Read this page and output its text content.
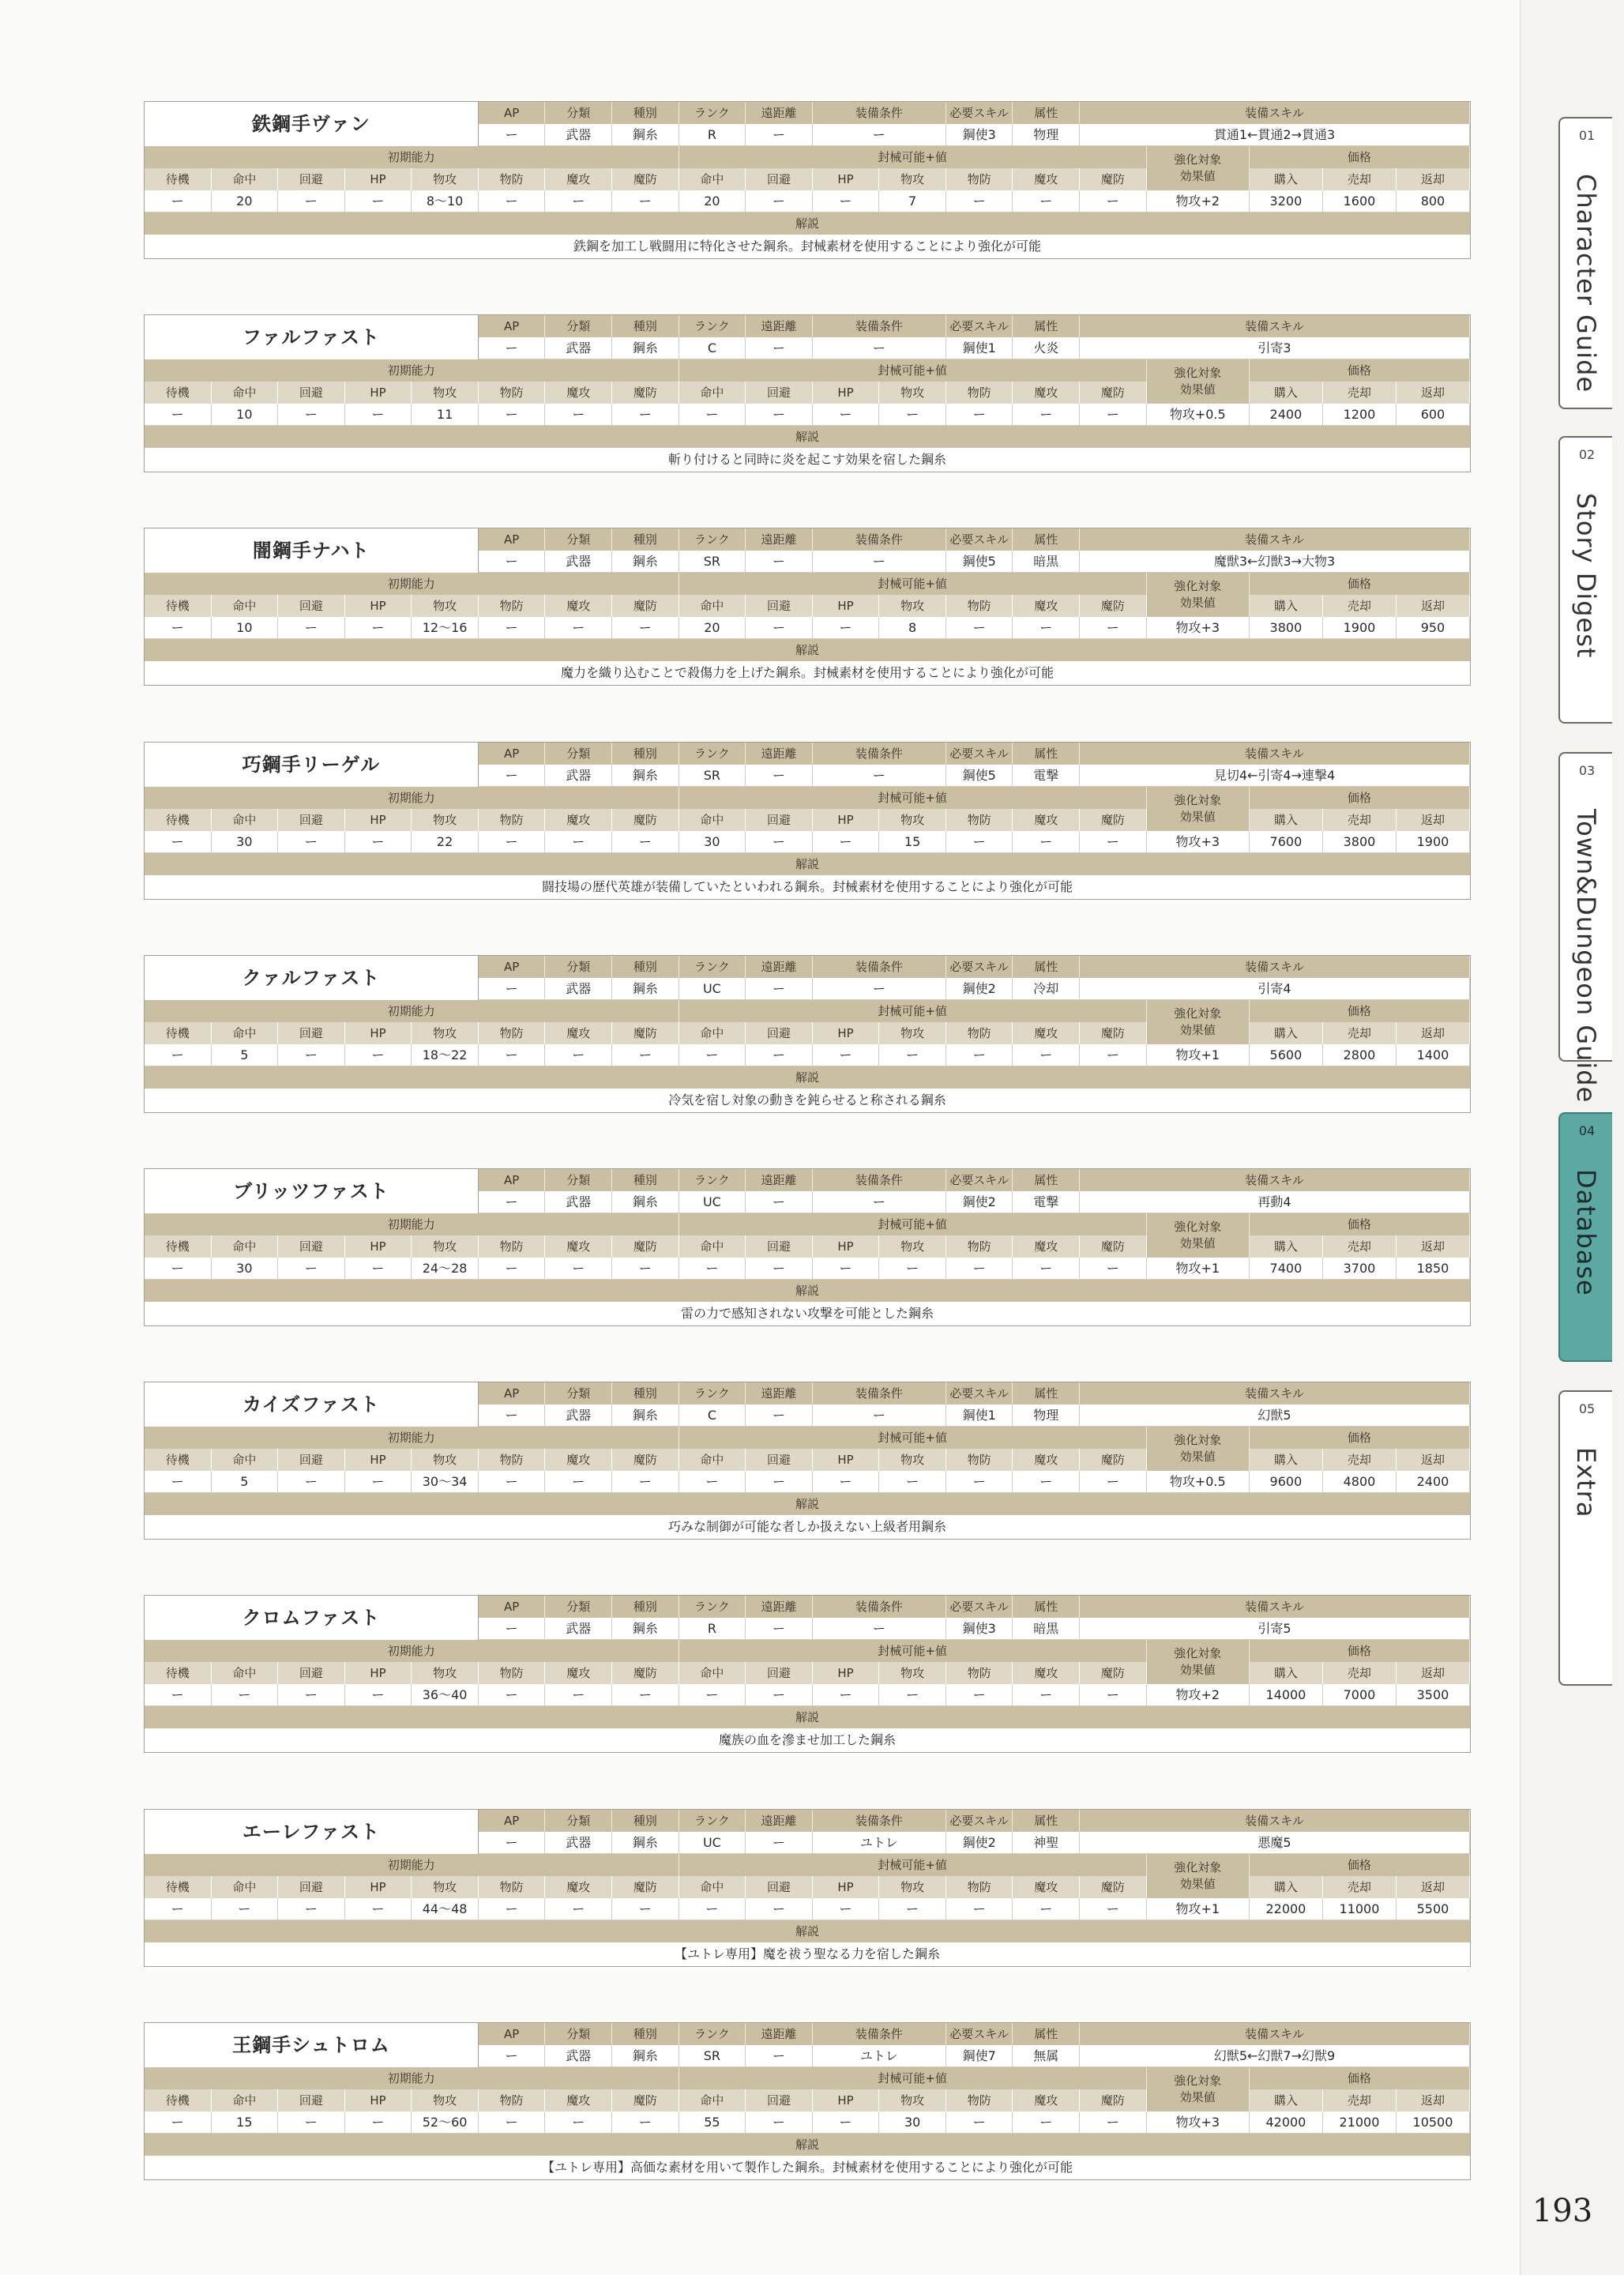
鉄鋼手ヴァン	AP	分類	種別	ランク	遠距離	装備条件	必要スキル	属性	装備スキル
ー	武器	鋼糸	R	ー	ー	鋼使3	物理	貫通1←貫通2→貫通3
初期能力	封械可能+値	強化対象
効果値
価格
待機	命中	回避	HP	物攻	物防	魔攻	魔防	命中	回避	HP	物攻	物防	魔攻	魔防	購入	売却	返却
ー	20	ー	ー	8～10	ー	ー	ー	20	ー	ー	7	ー	ー	ー	物攻+2	3200	1600	800
解説
鉄鋼を加工し戦闘用に特化させた鋼糸。封械素材を使用することにより強化が可能
ファルファスト	AP	分類	種別	ランク	遠距離	装備条件	必要スキル	属性	装備スキル
ー	武器	鋼糸	C	ー	ー	鋼使1	火炎	引寄3
初期能力	封械可能+値	強化対象
効果値
価格
待機	命中	回避	HP	物攻	物防	魔攻	魔防	命中	回避	HP	物攻	物防	魔攻	魔防	購入	売却	返却
ー	10	ー	ー	11	ー	ー	ー	ー	ー	ー	ー	ー	ー	ー	物攻+0.5	2400	1200	600
解説
斬り付けると同時に炎を起こす効果を宿した鋼糸
闇鋼手ナハト	AP	分類	種別	ランク	遠距離	装備条件	必要スキル	属性	装備スキル
ー	武器	鋼糸	SR	ー	ー	鋼使5	暗黒	魔獣3←幻獣3→大物3
初期能力	封械可能+値	強化対象
効果値
価格
待機	命中	回避	HP	物攻	物防	魔攻	魔防	命中	回避	HP	物攻	物防	魔攻	魔防	購入	売却	返却
ー	10	ー	ー	12～16	ー	ー	ー	20	ー	ー	8	ー	ー	ー	物攻+3	3800	1900	950
解説
魔力を織り込むことで殺傷力を上げた鋼糸。封械素材を使用することにより強化が可能
巧鋼手リーゲル	AP	分類	種別	ランク	遠距離	装備条件	必要スキル	属性	装備スキル
ー	武器	鋼糸	SR	ー	ー	鋼使5	電撃	見切4←引寄4→連撃4
初期能力	封械可能+値	強化対象
効果値
価格
待機	命中	回避	HP	物攻	物防	魔攻	魔防	命中	回避	HP	物攻	物防	魔攻	魔防	購入	売却	返却
ー	30	ー	ー	22	ー	ー	ー	30	ー	ー	15	ー	ー	ー	物攻+3	7600	3800	1900
解説
闘技場の歴代英雄が装備していたといわれる鋼糸。封械素材を使用することにより強化が可能
クァルファスト	AP	分類	種別	ランク	遠距離	装備条件	必要スキル	属性	装備スキル
ー	武器	鋼糸	UC	ー	ー	鋼使2	冷却	引寄4
初期能力	封械可能+値	強化対象
効果値
価格
待機	命中	回避	HP	物攻	物防	魔攻	魔防	命中	回避	HP	物攻	物防	魔攻	魔防	購入	売却	返却
ー	5	ー	ー	18～22	ー	ー	ー	ー	ー	ー	ー	ー	ー	ー	物攻+1	5600	2800	1400
解説
冷気を宿し対象の動きを鈍らせると称される鋼糸
ブリッツファスト	AP	分類	種別	ランク	遠距離	装備条件	必要スキル	属性	装備スキル
ー	武器	鋼糸	UC	ー	ー	鋼使2	電撃	再動4
初期能力	封械可能+値	強化対象
効果値
価格
待機	命中	回避	HP	物攻	物防	魔攻	魔防	命中	回避	HP	物攻	物防	魔攻	魔防	購入	売却	返却
ー	30	ー	ー	24～28	ー	ー	ー	ー	ー	ー	ー	ー	ー	ー	物攻+1	7400	3700	1850
解説
雷の力で感知されない攻撃を可能とした鋼糸
カイズファスト	AP	分類	種別	ランク	遠距離	装備条件	必要スキル	属性	装備スキル
ー	武器	鋼糸	C	ー	ー	鋼使1	物理	幻獣5
初期能力	封械可能+値	強化対象
効果値
価格
待機	命中	回避	HP	物攻	物防	魔攻	魔防	命中	回避	HP	物攻	物防	魔攻	魔防	購入	売却	返却
ー	5	ー	ー	30～34	ー	ー	ー	ー	ー	ー	ー	ー	ー	ー	物攻+0.5	9600	4800	2400
解説
巧みな制御が可能な者しか扱えない上級者用鋼糸
クロムファスト	AP	分類	種別	ランク	遠距離	装備条件	必要スキル	属性	装備スキル
ー	武器	鋼糸	R	ー	ー	鋼使3	暗黒	引寄5
初期能力	封械可能+値	強化対象
効果値
価格
待機	命中	回避	HP	物攻	物防	魔攻	魔防	命中	回避	HP	物攻	物防	魔攻	魔防	購入	売却	返却
ー	ー	ー	ー	36～40	ー	ー	ー	ー	ー	ー	ー	ー	ー	ー	物攻+2	14000	7000	3500
解説
魔族の血を滲ませ加工した鋼糸
エーレファスト	AP	分類	種別	ランク	遠距離	装備条件	必要スキル	属性	装備スキル
ー	武器	鋼糸	UC	ー	ユトレ	鋼使2	神聖	悪魔5
初期能力	封械可能+値	強化対象
効果値
価格
待機	命中	回避	HP	物攻	物防	魔攻	魔防	命中	回避	HP	物攻	物防	魔攻	魔防	購入	売却	返却
ー	ー	ー	ー	44～48	ー	ー	ー	ー	ー	ー	ー	ー	ー	ー	物攻+1	22000	11000	5500
解説
【ユトレ専用】魔を祓う聖なる力を宿した鋼糸
王鋼手シュトロム	AP	分類	種別	ランク	遠距離	装備条件	必要スキル	属性	装備スキル
ー	武器	鋼糸	SR	ー	ユトレ	鋼使7	無属	幻獣5←幻獣7→幻獣9
初期能力	封械可能+値	強化対象
効果値
価格
待機	命中	回避	HP	物攻	物防	魔攻	魔防	命中	回避	HP	物攻	物防	魔攻	魔防	購入	売却	返却
ー	15	ー	ー	52～60	ー	ー	ー	55	ー	ー	30	ー	ー	ー	物攻+3	42000	21000	10500
解説
【ユトレ専用】高価な素材を用いて製作した鋼糸。封械素材を使用することにより強化が可能
01
Character Guide
02
Story Digest
03
Town&Dungeon Guide
04
Database
05
Extra
193
